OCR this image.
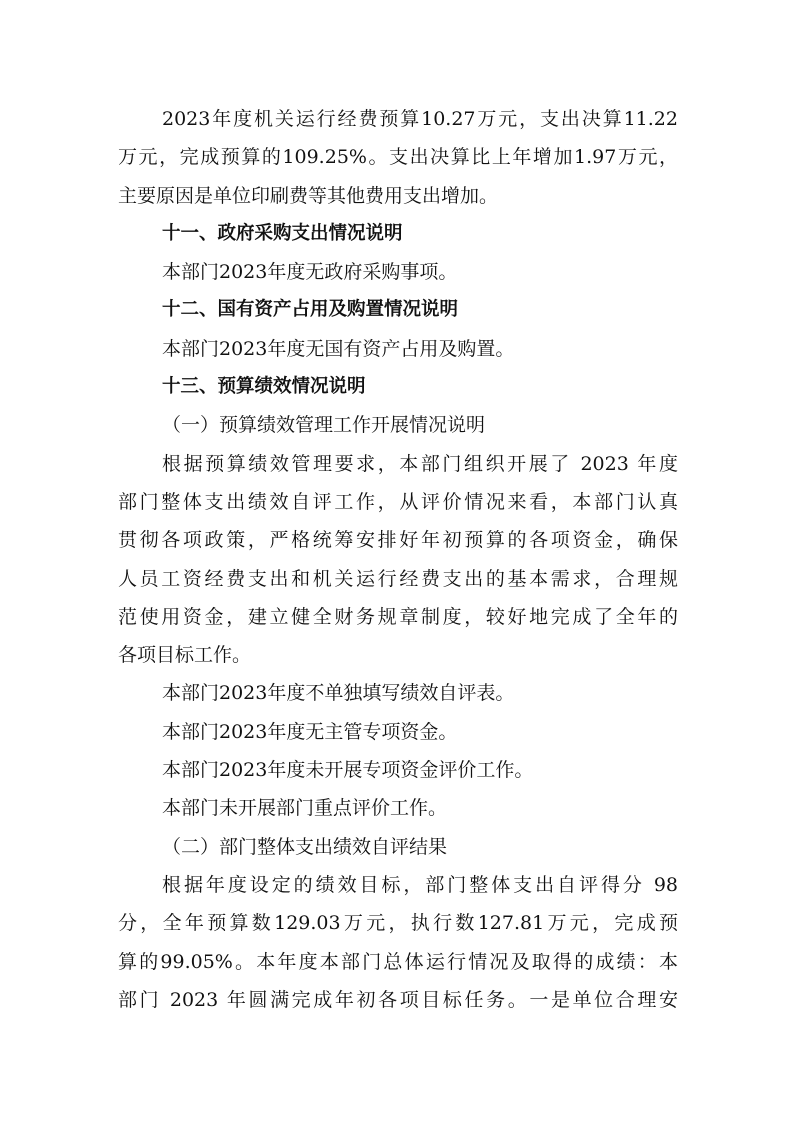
2023年度机关运行经费预算10.27万元，支出决算11.22
万元，完成预算的109.25%。支出决算比上年增加1.97万元，
主要原因是单位印刷费等其他费用支出增加。
十一、政府采购支出情况说明
本部门2023年度无政府采购事项。
十二、国有资产占用及购置情况说明
本部门2023年度无国有资产占用及购置。
十三、预算绩效情况说明
（一）预算绩效管理工作开展情况说明
根据预算绩效管理要求，本部门组织开展了 2023 年度
部门整体支出绩效自评工作，从评价情况来看，本部门认真
贯彻各项政策，严格统筹安排好年初预算的各项资金，确保
人员工资经费支出和机关运行经费支出的基本需求，合理规
范使用资金，建立健全财务规章制度，较好地完成了全年的
各项目标工作。
本部门2023年度不单独填写绩效自评表。
本部门2023年度无主管专项资金。
本部门2023年度未开展专项资金评价工作。
本部门未开展部门重点评价工作。
（二）部门整体支出绩效自评结果
根据年度设定的绩效目标，部门整体支出自评得分 98
分，全年预算数129.03万元，执行数127.81万元，完成预
算的99.05%。本年度本部门总体运行情况及取得的成绩：本
部门 2023 年圆满完成年初各项目标任务。一是单位合理安
